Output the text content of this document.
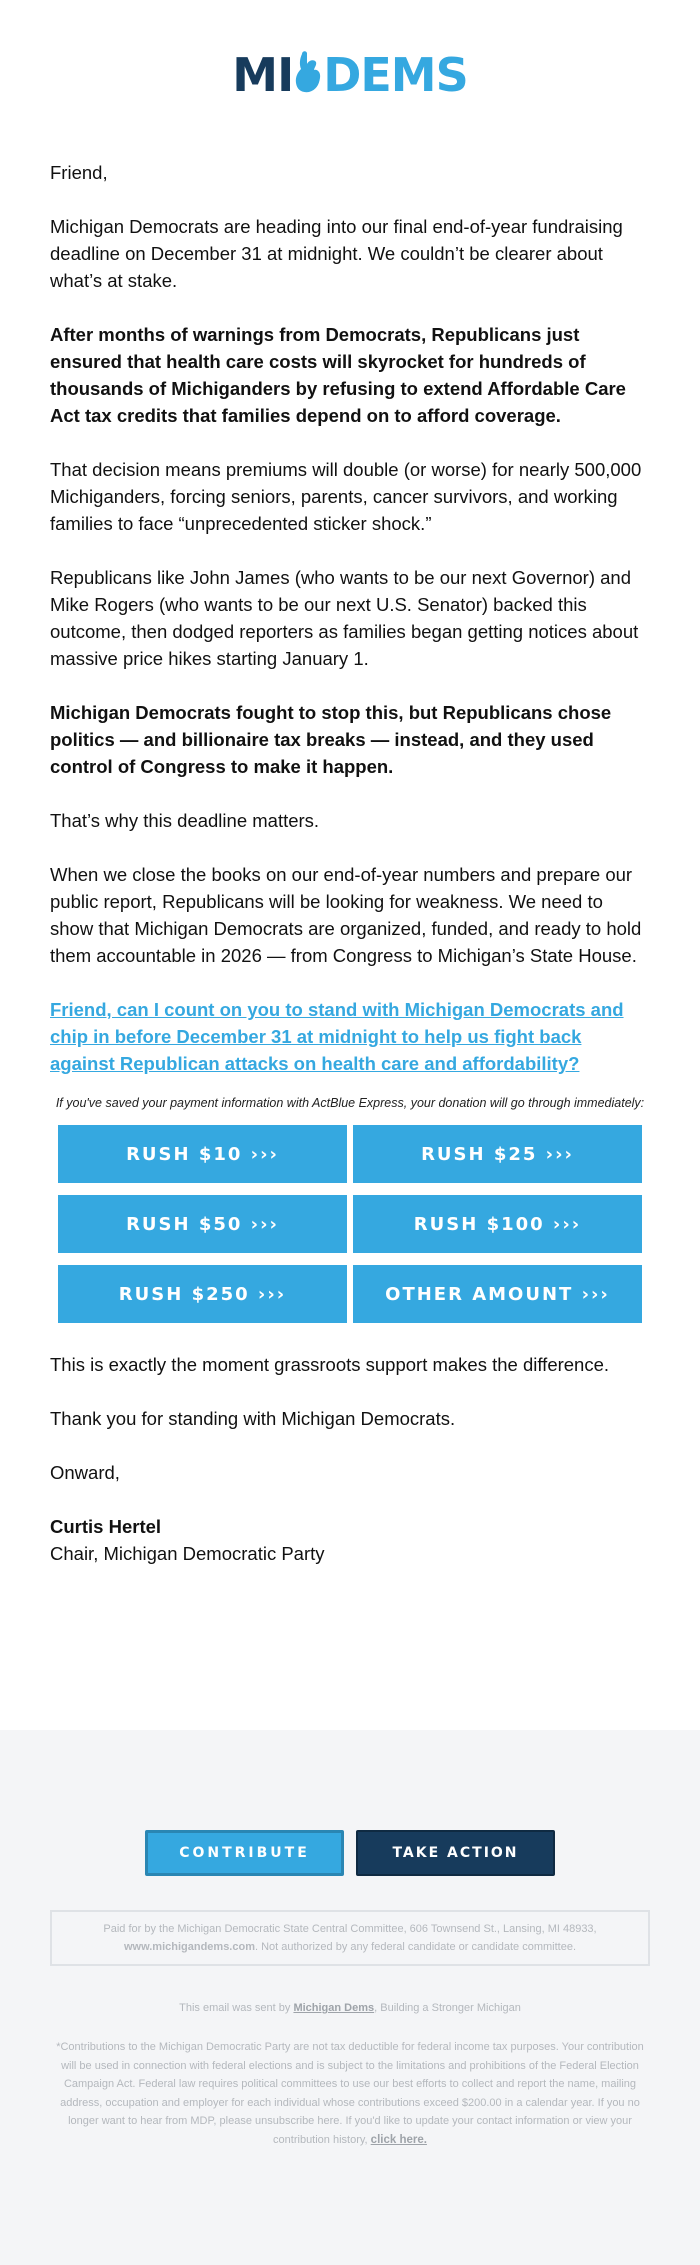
MI DEMS

Friend,

Michigan Democrats are heading into our final end-of-year fundraising deadline on December 31 at midnight. We couldn’t be clearer about what’s at stake.

After months of warnings from Democrats, Republicans just ensured that health care costs will skyrocket for hundreds of thousands of Michiganders by refusing to extend Affordable Care Act tax credits that families depend on to afford coverage.

That decision means premiums will double (or worse) for nearly 500,000 Michiganders, forcing seniors, parents, cancer survivors, and working families to face “unprecedented sticker shock.”

Republicans like John James (who wants to be our next Governor) and Mike Rogers (who wants to be our next U.S. Senator) backed this outcome, then dodged reporters as families began getting notices about massive price hikes starting January 1.

Michigan Democrats fought to stop this, but Republicans chose politics — and billionaire tax breaks — instead, and they used control of Congress to make it happen.

That’s why this deadline matters.

When we close the books on our end-of-year numbers and prepare our public report, Republicans will be looking for weakness. We need to show that Michigan Democrats are organized, funded, and ready to hold them accountable in 2026 — from Congress to Michigan’s State House.

Friend, can I count on you to stand with Michigan Democrats and chip in before December 31 at midnight to help us fight back against Republican attacks on health care and affordability?

If you've saved your payment information with ActBlue Express, your donation will go through immediately:

RUSH $10 ›››	RUSH $25 ›››
RUSH $50 ›››	RUSH $100 ›››
RUSH $250 ›››	OTHER AMOUNT ›››

This is exactly the moment grassroots support makes the difference.

Thank you for standing with Michigan Democrats.

Onward,

Curtis Hertel

Chair, Michigan Democratic Party

CONTRIBUTE	TAKE ACTION
Paid for by the Michigan Democratic State Central Committee, 606 Townsend St., Lansing, MI 48933,
www.michigandems.com. Not authorized by any federal candidate or candidate committee.
This email was sent by Michigan Dems, Building a Stronger Michigan
*Contributions to the Michigan Democratic Party are not tax deductible for federal income tax purposes. Your contribution will be used in connection with federal elections and is subject to the limitations and prohibitions of the Federal Election Campaign Act. Federal law requires political committees to use our best efforts to collect and report the name, mailing address, occupation and employer for each individual whose contributions exceed $200.00 in a calendar year. If you no longer want to hear from MDP, please unsubscribe here. If you'd like to update your contact information or view your contribution history, click here.
